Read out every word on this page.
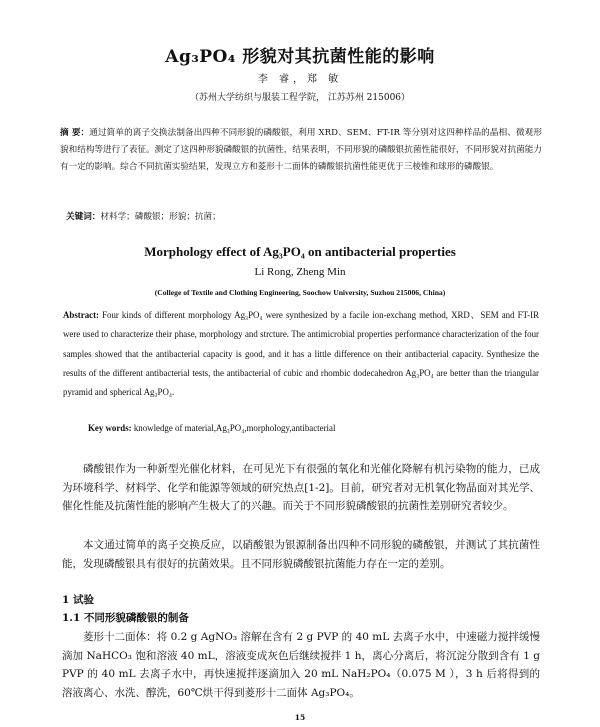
Ag₃PO₄ 形貌对其抗菌性能的影响
李 睿，郑 敏
（苏州大学纺织与服装工程学院， 江苏苏州 215006）
摘 要：通过简单的离子交换法制备出四种不同形貌的磷酸银，利用 XRD、SEM、FT-IR 等分别对这四种样品的晶相、微观形貌和结构等进行了表征。测定了这四种形貌磷酸银的抗菌性，结果表明，不同形貌的磷酸银抗菌性能很好，不同形貌对抗菌能力有一定的影响。综合不同抗菌实验结果，发现立方和菱形十二面体的磷酸银抗菌性能更优于三棱锥和球形的磷酸银。
关键词：材料学；磷酸银；形貌；抗菌；
Morphology effect of Ag₃PO₄ on antibacterial properties
Li Rong, Zheng Min
(College of Textile and Clothing Engineering, Soochow University, Suzhou 215006, China)
Abstract: Four kinds of different morphology Ag₃PO₄ were synthesized by a facile ion-exchang method, XRD、SEM and FT-IR were used to characterize their phase, morphology and strcture. The antimicrobial properties performance characterization of the four samples showed that the antibacterial capacity is good, and it has a little difference on their antibacterial capacity. Synthesize the results of the different antibacterial tests, the antibacterial of cubic and rhombic dodecahedron Ag₃PO₄ are better than the triangular pyramid and spherical Ag₃PO₄.
Key words: knowledge of material,Ag₃PO₄,morphology,antibacterial
磷酸银作为一种新型光催化材料，在可见光下有很强的氧化和光催化降解有机污染物的能力，已成为环境科学、材料学、化学和能源等领域的研究热点[1-2]。目前，研究者对无机氧化物晶面对其光学、催化性能及抗菌性能的影响产生极大了的兴趣。而关于不同形貌磷酸银的抗菌性差别研究者较少。
本文通过简单的离子交换反应，以硝酸银为银源制备出四种不同形貌的磷酸银，并测试了其抗菌性能，发现磷酸银具有很好的抗菌效果。且不同形貌磷酸银抗菌能力存在一定的差别。
1 试验
1.1 不同形貌磷酸银的制备
菱形十二面体：将 0.2 g AgNO₃ 溶解在含有 2 g PVP 的 40 mL 去离子水中，中速磁力搅拌缓慢滴加 NaHCO₃ 饱和溶液 40 mL，溶液变成灰色后继续搅拌 1 h，离心分离后，将沉淀分散到含有 1 g PVP 的 40 mL 去离子水中，再快速搅拌逐滴加入 20 mL NaH₂PO₄（0.075 M ），3 h 后将得到的溶液离心、水洗、醇洗，60℃烘干得到菱形十二面体 Ag₃PO₄。
15
